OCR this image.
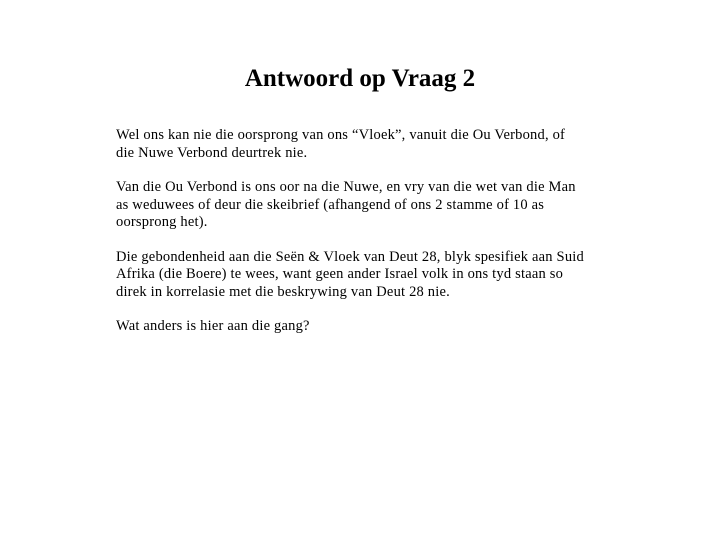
Antwoord op Vraag 2

Wel ons kan nie die oorsprong van ons “Vloek”, vanuit die Ou Verbond, of die Nuwe Verbond deurtrek nie.

Van die Ou Verbond is ons oor na die Nuwe, en vry van die wet van die Man as weduwees of deur die skeibrief (afhangend of ons 2 stamme of 10 as oorsprong het).

Die gebondenheid aan die Seën & Vloek van Deut 28, blyk spesifiek aan Suid Afrika (die Boere) te wees, want geen ander Israel volk in ons tyd staan so direk in korrelasie met die beskrywing van Deut 28 nie.

Wat anders is hier aan die gang?
